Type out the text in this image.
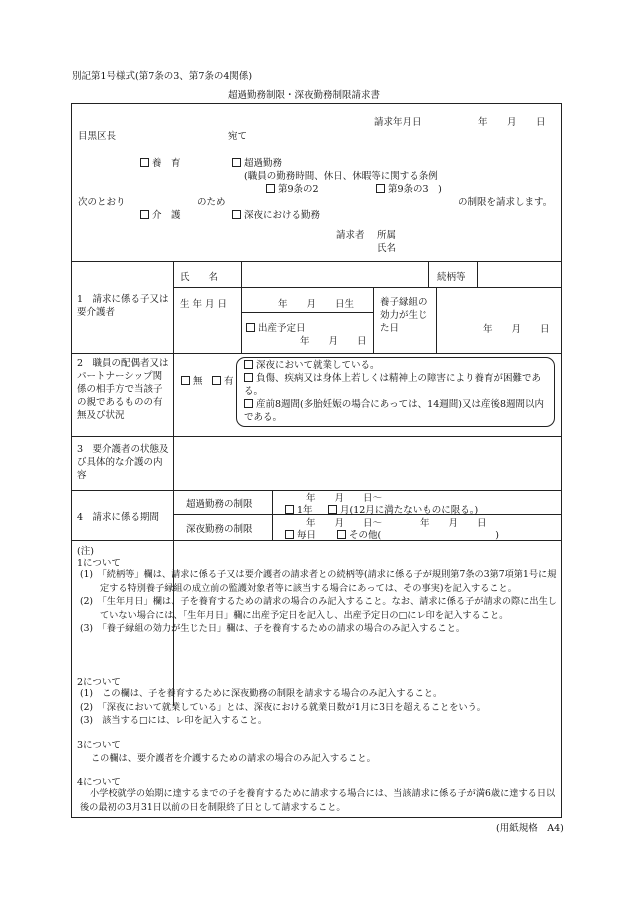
別記第1号様式(第7条の3、第7条の4関係)
超過勤務制限・深夜勤務制限請求書
請求年月日	年 月 日
目黒区長	宛て
養　育	超過勤務
(職員の勤務時間、休日、休暇等に関する条例
第9条の2	第9条の3　)
次のとおり	のため	の制限を請求します。
介　護	深夜における勤務
請求者 所属
氏名
1　請求に係る子又は要介護者
氏　　名	続柄等
生 年 月 日	年　　月　　日生
出産予定日
年　　月　　日
養子縁組の効力が生じた日	年　　月　　日
2　職員の配偶者又はパートナーシップ関係の相手方で当該子の親であるものの有無及び状況
無	有
深夜において就業している。
負傷、疾病又は身体上若しくは精神上の障害により養育が困難である。
産前8週間(多胎妊娠の場合にあっては、14週間)又は産後8週間以内である。
3　要介護者の状態及び具体的な介護の内容
4　請求に係る期間
超過勤務の制限
年　　月　　日〜
1年	月(12月に満たないものに限る。)
深夜勤務の制限
年　　月　　日〜	年　　月　　日
毎日	その他(　　　　　　　　　　　　)
(注)
1について
(1)　「続柄等」欄は、請求に係る子又は要介護者の請求者との続柄等(請求に係る子が規則第7条の3第7項第1号に規定する特別養子縁組の成立前の監護対象者等に該当する場合にあっては、その事実)を記入すること。
(2)　「生年月日」欄は、子を養育するための請求の場合のみ記入すること。なお、請求に係る子が請求の際に出生していない場合には、「生年月日」欄に出産予定日を記入し、出産予定日の□にレ印を記入すること。
(3)　「養子縁組の効力が生じた日」欄は、子を養育するための請求の場合のみ記入すること。
2について
(1)　この欄は、子を養育するために深夜勤務の制限を請求する場合のみ記入すること。
(2)　「深夜において就業している」とは、深夜における就業日数が1月に3日を超えることをいう。
(3)　該当する□には、レ印を記入すること。
3について
この欄は、要介護者を介護するための請求の場合のみ記入すること。
4について
小学校就学の始期に達するまでの子を養育するために請求する場合には、当該請求に係る子が満6歳に達する日以後の最初の3月31日以前の日を制限終了日として請求すること。
(用紙規格　A4)
